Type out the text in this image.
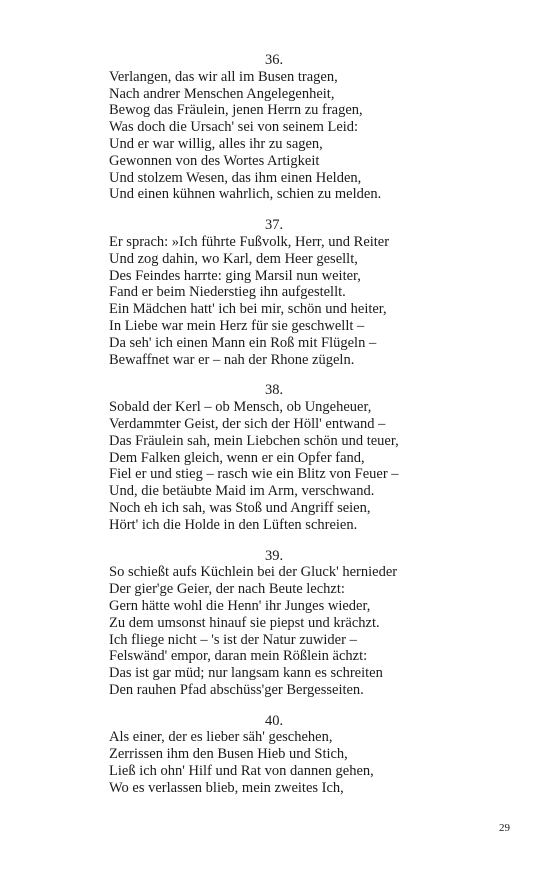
36.
Verlangen, das wir all im Busen tragen,
Nach andrer Menschen Angelegenheit,
Bewog das Fräulein, jenen Herrn zu fragen,
Was doch die Ursach' sei von seinem Leid:
Und er war willig, alles ihr zu sagen,
Gewonnen von des Wortes Artigkeit
Und stolzem Wesen, das ihm einen Helden,
Und einen kühnen wahrlich, schien zu melden.
37.
Er sprach: »Ich führte Fußvolk, Herr, und Reiter
Und zog dahin, wo Karl, dem Heer gesellt,
Des Feindes harrte: ging Marsil nun weiter,
Fand er beim Niederstieg ihn aufgestellt.
Ein Mädchen hatt' ich bei mir, schön und heiter,
In Liebe war mein Herz für sie geschwellt –
Da seh' ich einen Mann ein Roß mit Flügeln –
Bewaffnet war er – nah der Rhone zügeln.
38.
Sobald der Kerl – ob Mensch, ob Ungeheuer,
Verdammter Geist, der sich der Höll' entwand –
Das Fräulein sah, mein Liebchen schön und teuer,
Dem Falken gleich, wenn er ein Opfer fand,
Fiel er und stieg – rasch wie ein Blitz von Feuer –
Und, die betäubte Maid im Arm, verschwand.
Noch eh ich sah, was Stoß und Angriff seien,
Hört' ich die Holde in den Lüften schreien.
39.
So schießt aufs Küchlein bei der Gluck' hernieder
Der gier'ge Geier, der nach Beute lechzt:
Gern hätte wohl die Henn' ihr Junges wieder,
Zu dem umsonst hinauf sie piepst und krächzt.
Ich fliege nicht – 's ist der Natur zuwider –
Felswänd' empor, daran mein Rößlein ächzt:
Das ist gar müd; nur langsam kann es schreiten
Den rauhen Pfad abschüss'ger Bergesseiten.
40.
Als einer, der es lieber säh' geschehen,
Zerrissen ihm den Busen Hieb und Stich,
Ließ ich ohn' Hilf und Rat von dannen gehen,
Wo es verlassen blieb, mein zweites Ich,
29
